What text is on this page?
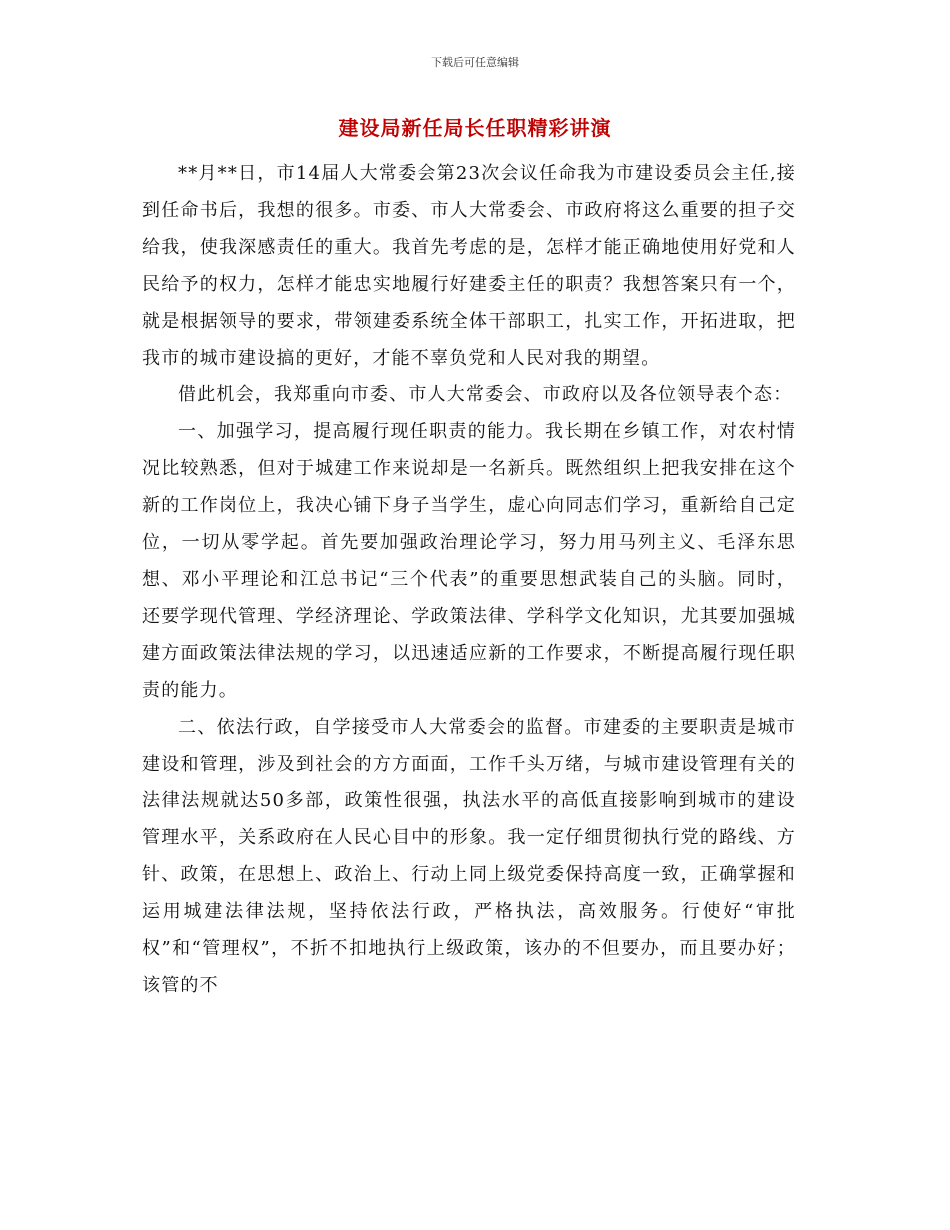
下载后可任意编辑
建设局新任局长任职精彩讲演

**月**日，市14届人大常委会第23次会议任命我为市建设委员会主任,接到任命书后，我想的很多。市委、市人大常委会、市政府将这么重要的担子交给我，使我深感责任的重大。我首先考虑的是，怎样才能正确地使用好党和人民给予的权力，怎样才能忠实地履行好建委主任的职责？我想答案只有一个，就是根据领导的要求，带领建委系统全体干部职工，扎实工作，开拓进取，把我市的城市建设搞的更好，才能不辜负党和人民对我的期望。

借此机会，我郑重向市委、市人大常委会、市政府以及各位领导表个态：

一、加强学习，提高履行现任职责的能力。我长期在乡镇工作，对农村情况比较熟悉，但对于城建工作来说却是一名新兵。既然组织上把我安排在这个新的工作岗位上，我决心铺下身子当学生，虚心向同志们学习，重新给自己定位，一切从零学起。首先要加强政治理论学习，努力用马列主义、毛泽东思想、邓小平理论和江总书记“三个代表”的重要思想武装自己的头脑。同时，还要学现代管理、学经济理论、学政策法律、学科学文化知识，尤其要加强城建方面政策法律法规的学习，以迅速适应新的工作要求，不断提高履行现任职责的能力。

二、依法行政，自学接受市人大常委会的监督。市建委的主要职责是城市建设和管理，涉及到社会的方方面面，工作千头万绪，与城市建设管理有关的法律法规就达50多部，政策性很强，执法水平的高低直接影响到城市的建设管理水平，关系政府在人民心目中的形象。我一定仔细贯彻执行党的路线、方针、政策，在思想上、政治上、行动上同上级党委保持高度一致，正确掌握和运用城建法律法规，坚持依法行政，严格执法，高效服务。行使好“审批权”和“管理权”，不折不扣地执行上级政策，该办的不但要办，而且要办好；该管的不
